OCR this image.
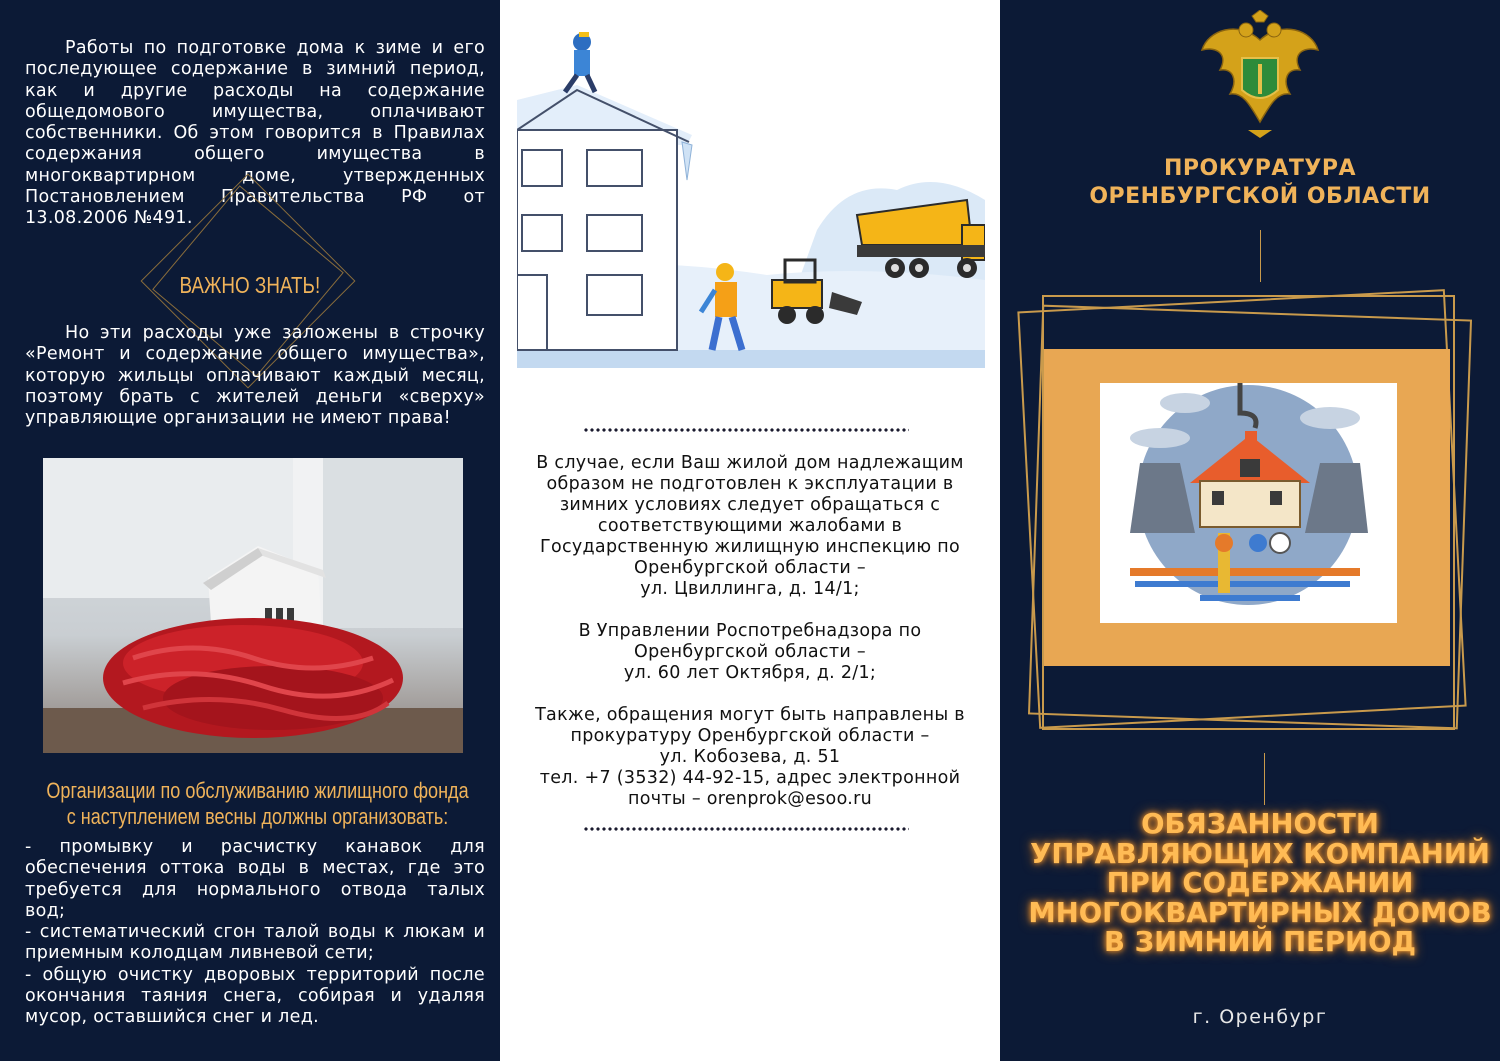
Работы по подготовке дома к зиме и его
последующее содержание в зимний период,
как и другие расходы на содержание
общедомового имущества, оплачивают
собственники. Об этом говорится в Правилах
содержания общего имущества в
многоквартирном доме, утвержденных
Постановлением Правительства РФ от
13.08.2006 №491.
ВАЖНО ЗНАТЬ!
Но эти расходы уже заложены в строчку
«Ремонт и содержание общего имущества»,
которую жильцы оплачивают каждый месяц,
поэтому брать с жителей деньги «сверху»
управляющие организации не имеют права!
Организации по обслуживанию жилищного фонда
с наступлением весны должны организовать:
- промывку и расчистку канавок для
обеспечения оттока воды в местах, где это
требуется для нормального отвода талых
вод;
- систематический сгон талой воды к люкам и
приемным колодцам ливневой сети;
- общую очистку дворовых территорий после
окончания таяния снега, собирая и удаляя
мусор, оставшийся снег и лед.
В случае, если Ваш жилой дом надлежащим
образом не подготовлен к эксплуатации в
зимних условиях следует обращаться с
соответствующими жалобами в
Государственную жилищную инспекцию по
Оренбургской области –
ул. Цвиллинга, д. 14/1;
В Управлении Роспотребнадзора по
Оренбургской области –
ул. 60 лет Октября, д. 2/1;
Также, обращения могут быть направлены в
прокуратуру Оренбургской области –
ул. Кобозева, д. 51
тел. +7 (3532) 44-92-15, адрес электронной
почты – orenprok@esoo.ru
ПРОКУРАТУРА
ОРЕНБУРГСКОЙ ОБЛАСТИ
ОБЯЗАННОСТИ
УПРАВЛЯЮЩИХ КОМПАНИЙ
ПРИ СОДЕРЖАНИИ
МНОГОКВАРТИРНЫХ ДОМОВ
В ЗИМНИЙ ПЕРИОД
г. Оренбург
